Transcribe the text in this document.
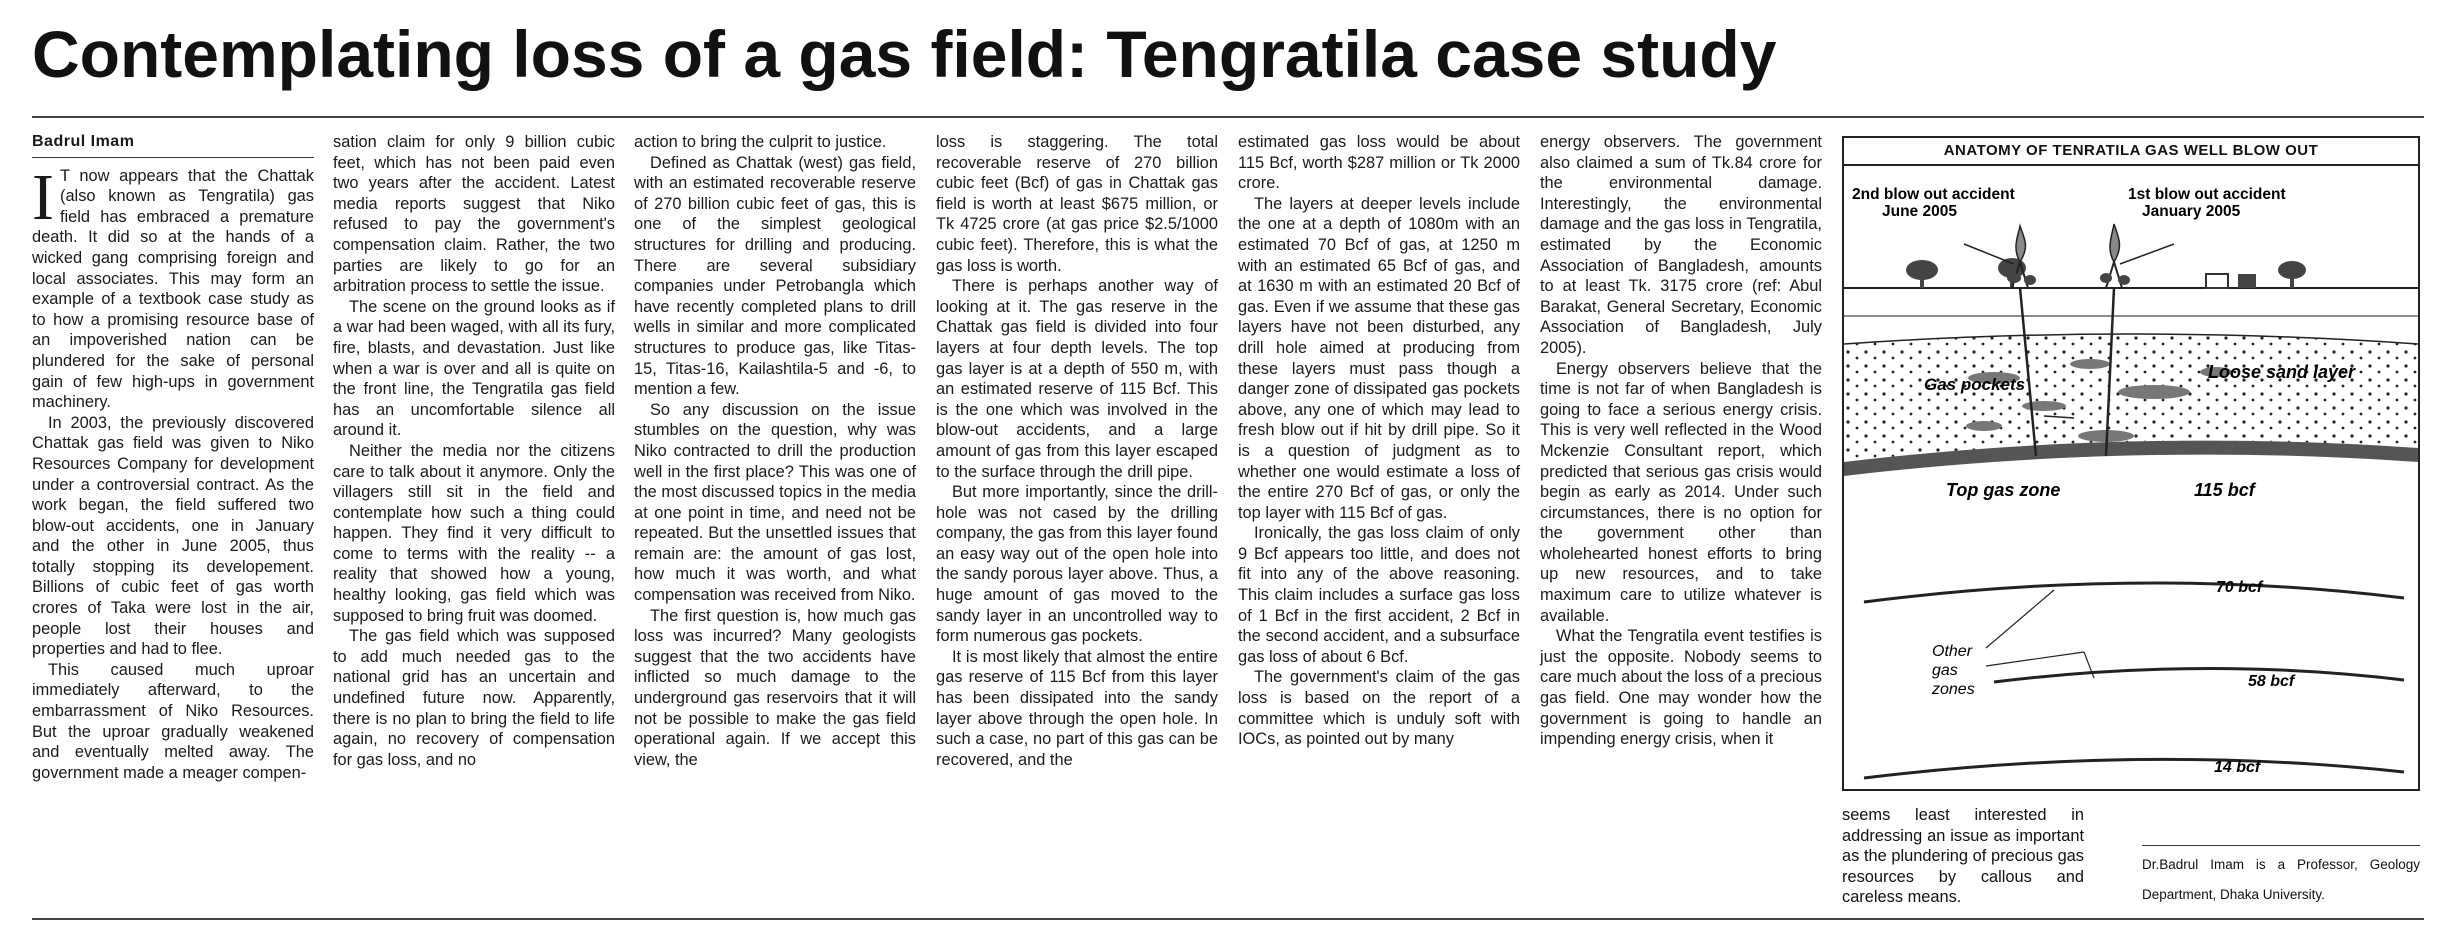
Contemplating loss of a gas field: Tengratila case study
Badrul Imam
I T now appears that the Chattak (also known as Tengratila) gas field has embraced a premature death. It did so at the hands of a wicked gang comprising foreign and local associates. This may form an example of a textbook case study as to how a promising resource base of an impoverished nation can be plundered for the sake of personal gain of few high-ups in government machinery.

In 2003, the previously discovered Chattak gas field was given to Niko Resources Company for development under a controversial contract. As the work began, the field suffered two blow-out accidents, one in January and the other in June 2005, thus totally stopping its developement. Billions of cubic feet of gas worth crores of Taka were lost in the air, people lost their houses and properties and had to flee.

This caused much uproar immediately afterward, to the embarrassment of Niko Resources. But the uproar gradually weakened and eventually melted away. The government made a meager compen-

sation claim for only 9 billion cubic feet, which has not been paid even two years after the accident. Latest media reports suggest that Niko refused to pay the government's compensation claim. Rather, the two parties are likely to go for an arbitration process to settle the issue.

The scene on the ground looks as if a war had been waged, with all its fury, fire, blasts, and devastation. Just like when a war is over and all is quite on the front line, the Tengratila gas field has an uncomfortable silence all around it.

Neither the media nor the citizens care to talk about it anymore. Only the villagers still sit in the field and contemplate how such a thing could happen. They find it very difficult to come to terms with the reality -- a reality that showed how a young, healthy looking, gas field which was supposed to bring fruit was doomed.

The gas field which was supposed to add much needed gas to the national grid has an uncertain and undefined future now. Apparently, there is no plan to bring the field to life again, no recovery of compensation for gas loss, and no

action to bring the culprit to justice.

Defined as Chattak (west) gas field, with an estimated recoverable reserve of 270 billion cubic feet of gas, this is one of the simplest geological structures for drilling and producing. There are several subsidiary companies under Petrobangla which have recently completed plans to drill wells in similar and more complicated structures to produce gas, like Titas-15, Titas-16, Kailashtila-5 and -6, to mention a few.

So any discussion on the issue stumbles on the question, why was Niko contracted to drill the production well in the first place? This was one of the most discussed topics in the media at one point in time, and need not be repeated. But the unsettled issues that remain are: the amount of gas lost, how much it was worth, and what compensation was received from Niko.

The first question is, how much gas loss was incurred? Many geologists suggest that the two accidents have inflicted so much damage to the underground gas reservoirs that it will not be possible to make the gas field operational again. If we accept this view, the

loss is staggering. The total recoverable reserve of 270 billion cubic feet (Bcf) of gas in Chattak gas field is worth at least $675 million, or Tk 4725 crore (at gas price $2.5/1000 cubic feet). Therefore, this is what the gas loss is worth.

There is perhaps another way of looking at it. The gas reserve in the Chattak gas field is divided into four layers at four depth levels. The top gas layer is at a depth of 550 m, with an estimated reserve of 115 Bcf. This is the one which was involved in the blow-out accidents, and a large amount of gas from this layer escaped to the surface through the drill pipe.

But more importantly, since the drill-hole was not cased by the drilling company, the gas from this layer found an easy way out of the open hole into the sandy porous layer above. Thus, a huge amount of gas moved to the sandy layer in an uncontrolled way to form numerous gas pockets.

It is most likely that almost the entire gas reserve of 115 Bcf from this layer has been dissipated into the sandy layer above through the open hole. In such a case, no part of this gas can be recovered, and the

estimated gas loss would be about 115 Bcf, worth $287 million or Tk 2000 crore.

The layers at deeper levels include the one at a depth of 1080m with an estimated 70 Bcf of gas, at 1250 m with an estimated 65 Bcf of gas, and at 1630 m with an estimated 20 Bcf of gas. Even if we assume that these gas layers have not been disturbed, any drill hole aimed at producing from these layers must pass though a danger zone of dissipated gas pockets above, any one of which may lead to fresh blow out if hit by drill pipe. So it is a question of judgment as to whether one would estimate a loss of the entire 270 Bcf of gas, or only the top layer with 115 Bcf of gas.

Ironically, the gas loss claim of only 9 Bcf appears too little, and does not fit into any of the above reasoning. This claim includes a surface gas loss of 1 Bcf in the first accident, 2 Bcf in the second accident, and a subsurface gas loss of about 6 Bcf.

The government's claim of the gas loss is based on the report of a committee which is unduly soft with IOCs, as pointed out by many

energy observers. The government also claimed a sum of Tk.84 crore for the environmental damage. Interestingly, the environmental damage and the gas loss in Tengratila, estimated by the Economic Association of Bangladesh, amounts to at least Tk. 3175 crore (ref: Abul Barakat, General Secretary, Economic Association of Bangladesh, July 2005).

Energy observers believe that the time is not far of when Bangladesh is going to face a serious energy crisis. This is very well reflected in the Wood Mckenzie Consultant report, which predicted that serious gas crisis would begin as early as 2014. Under such circumstances, there is no option for the government other than wholehearted honest efforts to bring up new resources, and to take maximum care to utilize whatever is available.

What the Tengratila event testifies is just the opposite. Nobody seems to care much about the loss of a precious gas field. One may wonder how the government is going to handle an impending energy crisis, when it

ANATOMY OF TENRATILA GAS WELL BLOW OUT
2nd blow out accident
June 2005
1st blow out accident
January 2005
Gas pockets
Loose sand layer
Top gas zone	115 bcf
70 bcf
58 bcf
14 bcf
Other
gas
zones
seems least interested in addressing an issue as important as the plundering of precious gas resources by callous and careless means.
Dr.Badrul Imam is a Professor, Geology Department, Dhaka University.
